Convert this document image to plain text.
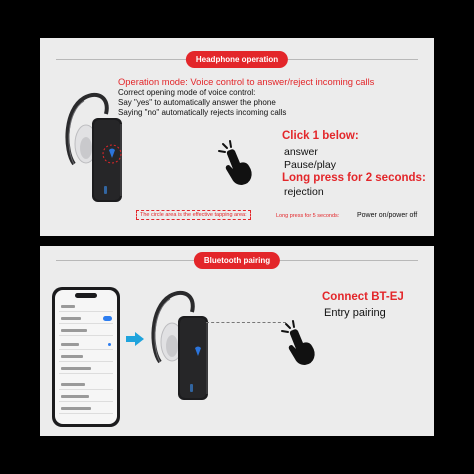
Headphone operation
Operation mode: Voice control to answer/reject incoming calls
Correct opening mode of voice control:
Say "yes" to automatically answer the phone
Saying "no" automatically rejects incoming calls
Click 1 below:
answer
Pause/play
Long press for 2 seconds:
rejection
The circle area is the effective tapping area:	Long press for 5 seconds:	Power on/power off
Bluetooth pairing
Connect BT-EJ
Entry pairing
